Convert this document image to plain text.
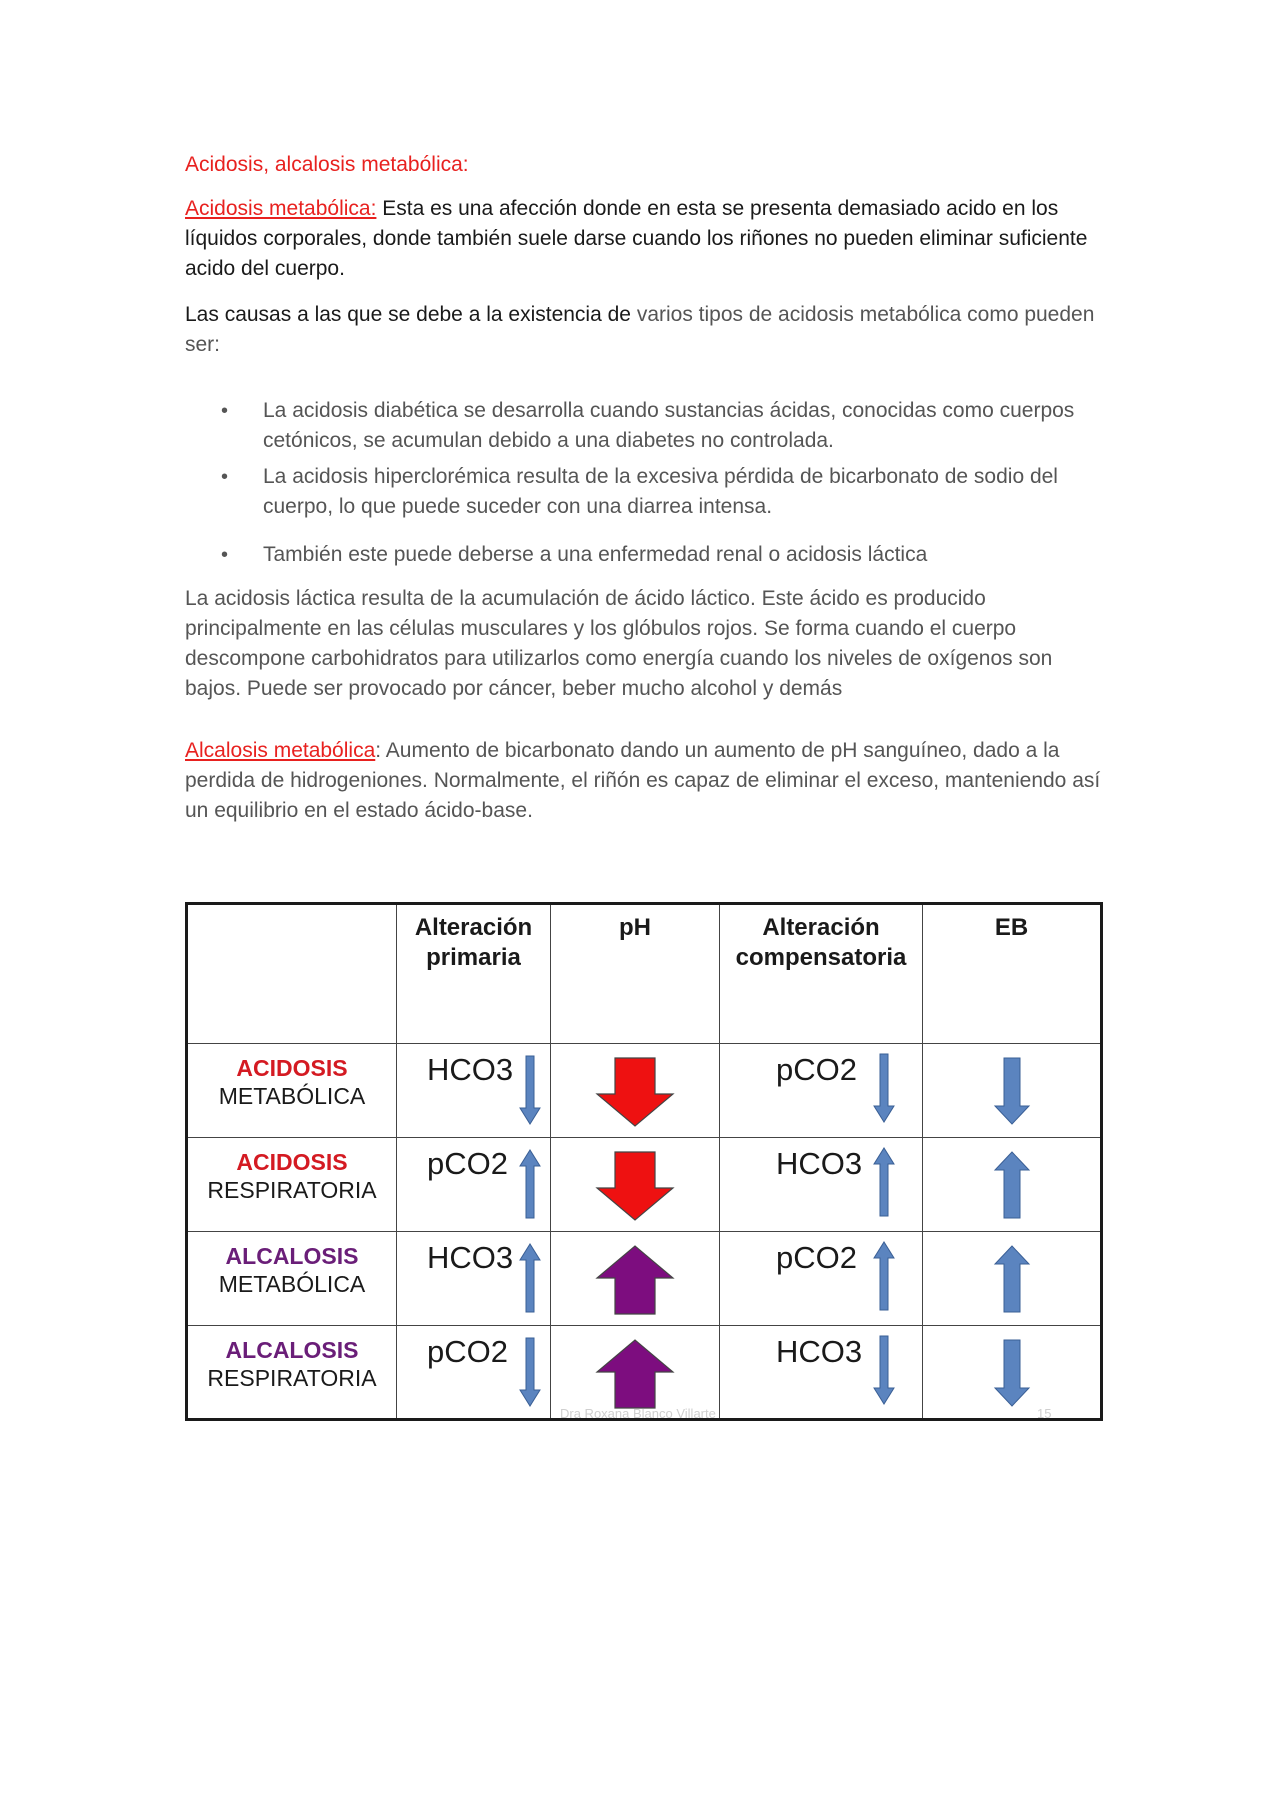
Acidosis, alcalosis metabólica:

Acidosis metabólica: Esta es una afección donde en esta se presenta demasiado acido en los líquidos corporales, donde también suele darse cuando los riñones no pueden eliminar suficiente acido del cuerpo.

Las causas a las que se debe a la existencia de varios tipos de acidosis metabólica como pueden ser:

• La acidosis diabética se desarrolla cuando sustancias ácidas, conocidas como cuerpos cetónicos, se acumulan debido a una diabetes no controlada.
• La acidosis hiperclorémica resulta de la excesiva pérdida de bicarbonato de sodio del cuerpo, lo que puede suceder con una diarrea intensa.
• También este puede deberse a una enfermedad renal o acidosis láctica

La acidosis láctica resulta de la acumulación de ácido láctico. Este ácido es producido principalmente en las células musculares y los glóbulos rojos. Se forma cuando el cuerpo descompone carbohidratos para utilizarlos como energía cuando los niveles de oxígenos son bajos. Puede ser provocado por cáncer, beber mucho alcohol y demás

Alcalosis metabólica: Aumento de bicarbonato dando un aumento de pH sanguíneo, dado a la perdida de hidrogeniones. Normalmente, el riñón es capaz de eliminar el exceso, manteniendo así un equilibrio en el estado ácido-base.

	Alteración
primaria	pH	Alteración
compensatoria	EB

ACIDOSIS
METABÓLICA	HCO3		pCO2

ACIDOSIS
RESPIRATORIA	pCO2		HCO3

ALCALOSIS
METABÓLICA	HCO3		pCO2

ALCALOSIS
RESPIRATORIA	pCO2		HCO3

Dra Roxana Blanco Villarte	15
